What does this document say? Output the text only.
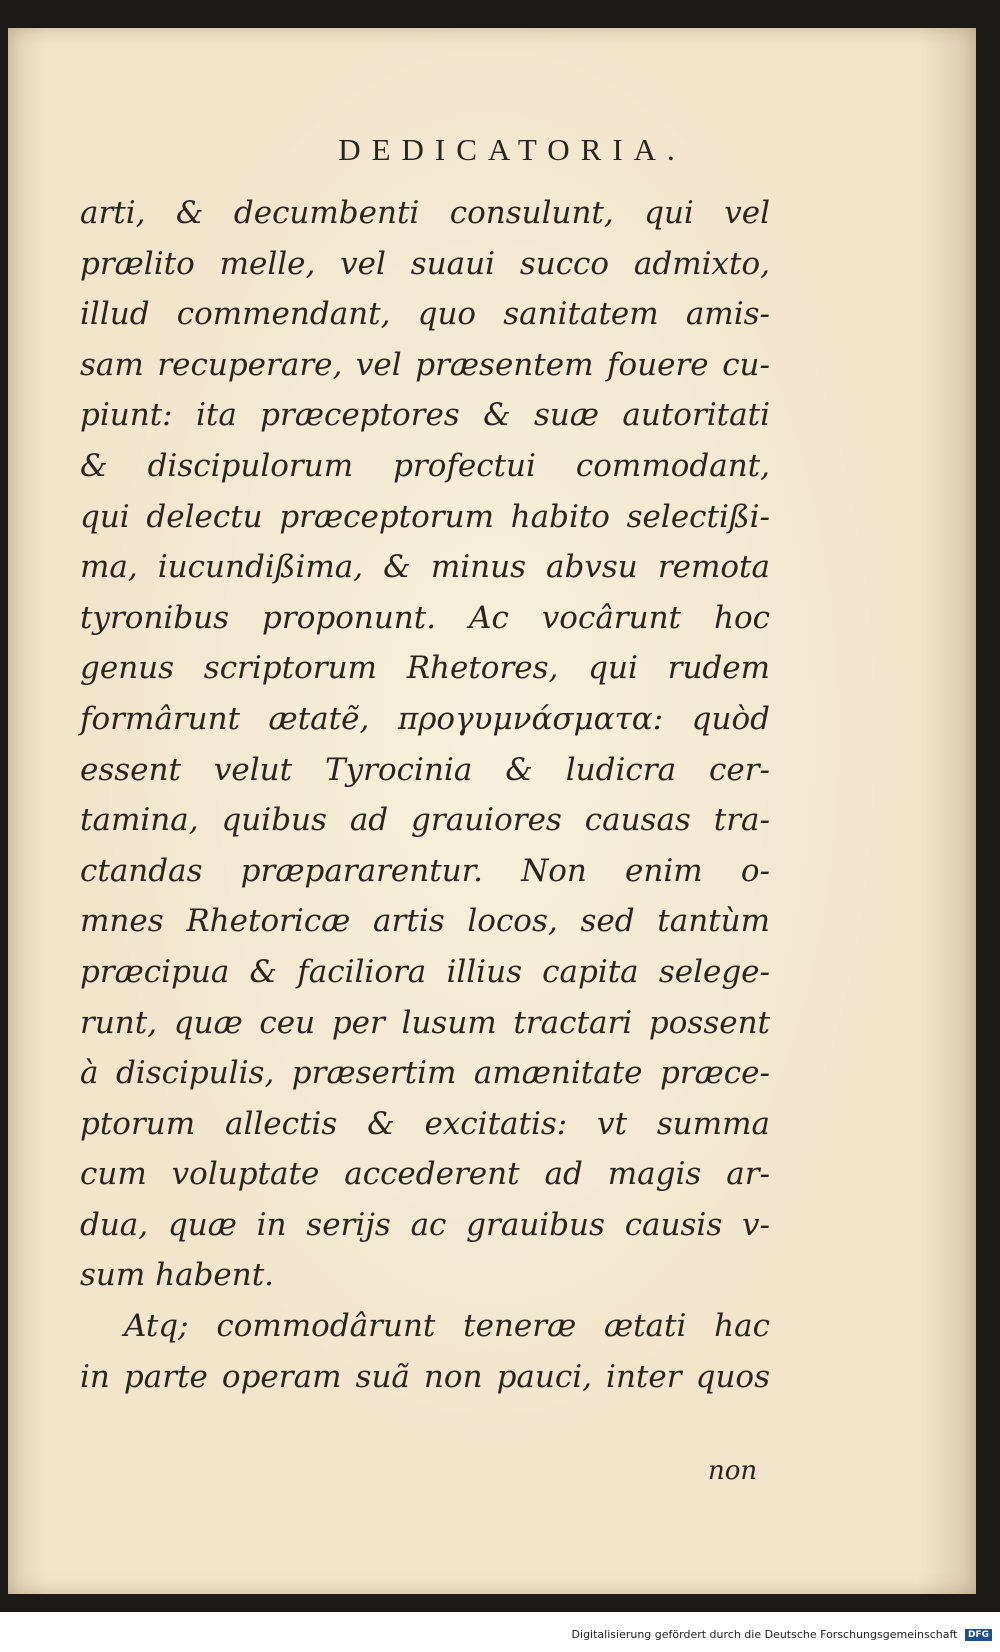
DEDICATORIA.
arti, & decumbenti consulunt, qui vel
prælito melle, vel suaui succo admixto,
illud commendant, quo sanitatem amis-
sam recuperare, vel præsentem fouere cu-
piunt: ita præceptores & suæ autoritati
& discipulorum profectui commodant,
qui delectu præceptorum habito selectißi-
ma, iucundißima, & minus abvsu remota
tyronibus proponunt. Ac vocârunt hoc
genus scriptorum Rhetores, qui rudem
formârunt ætatẽ, προγυμνάσματα: quòd
essent velut Tyrocinia & ludicra cer-
tamina, quibus ad grauiores causas tra-
ctandas præpararentur. Non enim o-
mnes Rhetoricæ artis locos, sed tantùm
præcipua & faciliora illius capita selege-
runt, quæ ceu per lusum tractari possent
à discipulis, præsertim amænitate præce-
ptorum allectis & excitatis: vt summa
cum voluptate accederent ad magis ar-
dua, quæ in serijs ac grauibus causis v-
sum habent.
Atq; commodârunt teneræ ætati hac
in parte operam suã non pauci, inter quos
non
Digitalisierung gefördert durch die Deutsche Forschungsgemeinschaft DFG
